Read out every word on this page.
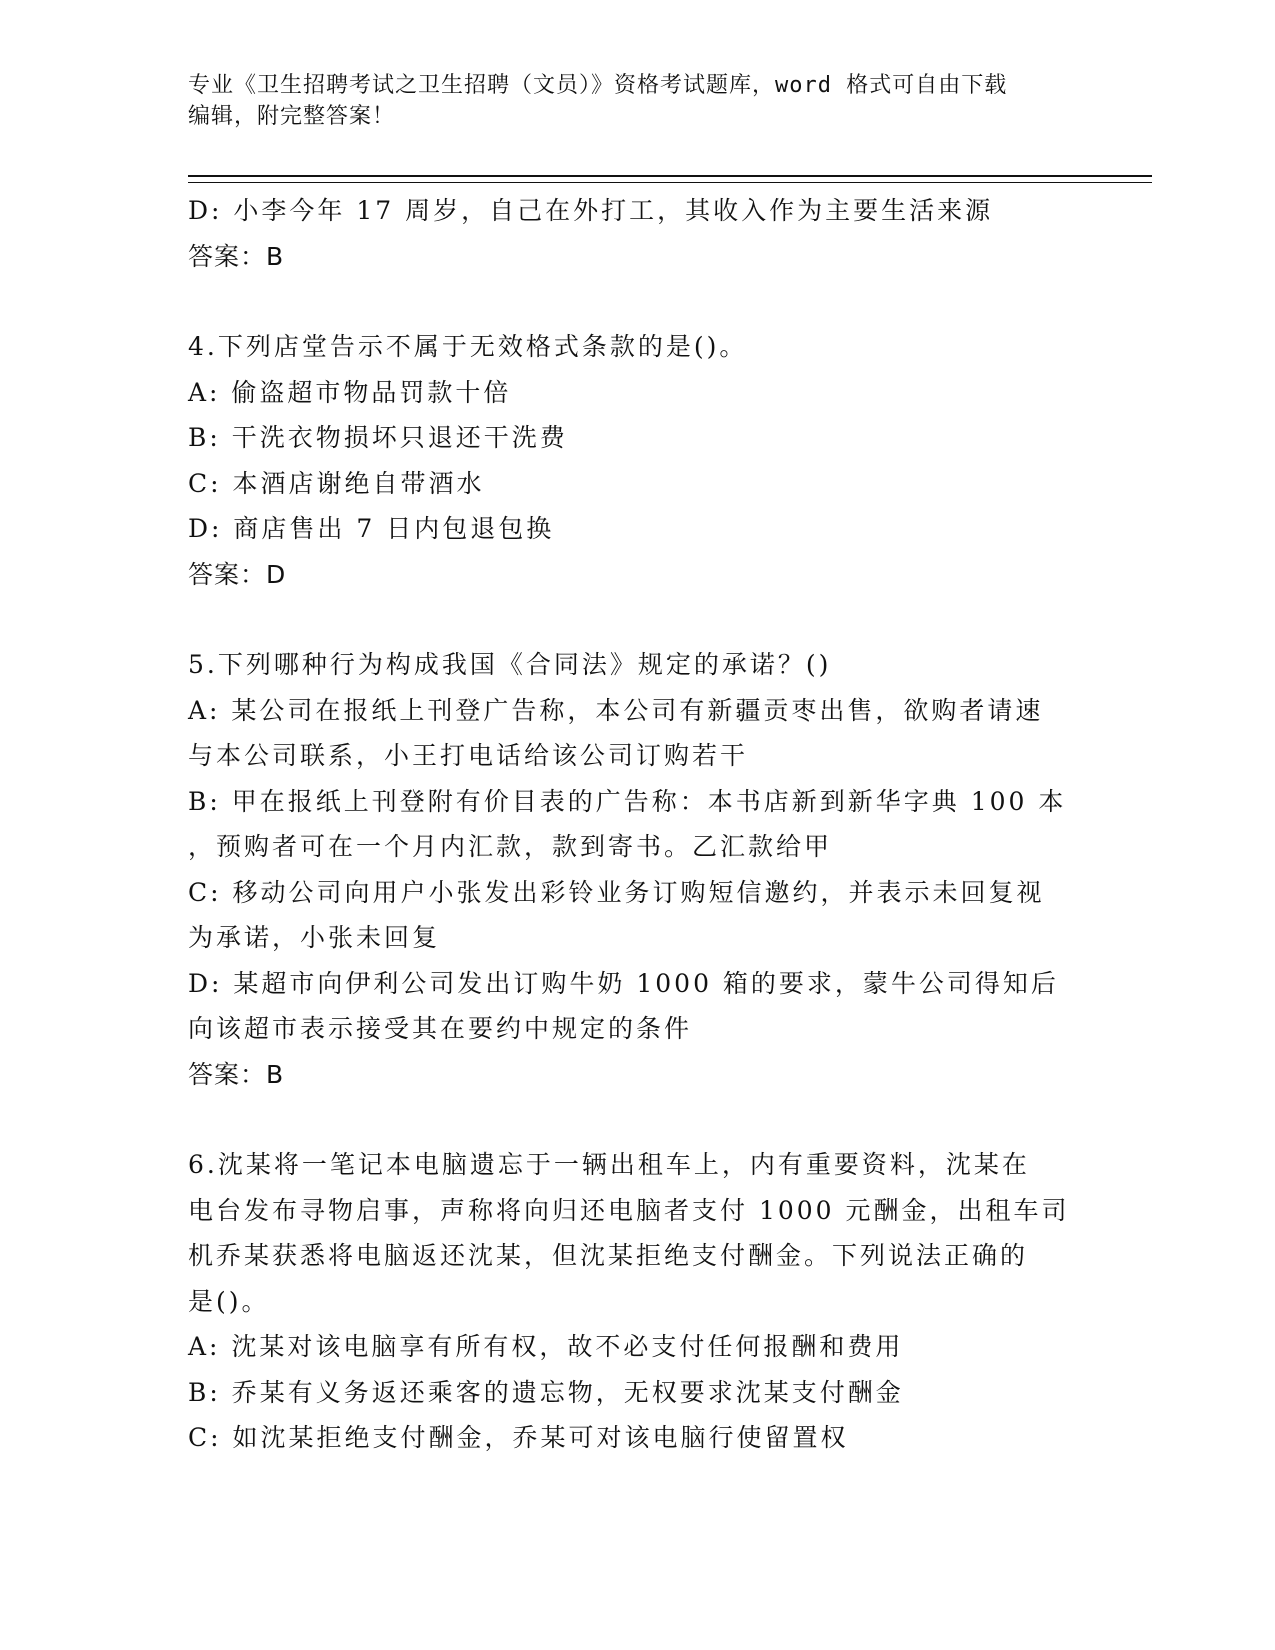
专业《卫生招聘考试之卫生招聘（文员）》资格考试题库，word 格式可自由下载
编辑，附完整答案！
D: 小李今年 17 周岁，自己在外打工，其收入作为主要生活来源
答案：B
4.下列店堂告示不属于无效格式条款的是()。
A: 偷盗超市物品罚款十倍
B: 干洗衣物损坏只退还干洗费
C: 本酒店谢绝自带酒水
D: 商店售出 7 日内包退包换
答案：D
5.下列哪种行为构成我国《合同法》规定的承诺？()
A: 某公司在报纸上刊登广告称，本公司有新疆贡枣出售，欲购者请速
与本公司联系，小王打电话给该公司订购若干
B: 甲在报纸上刊登附有价目表的广告称：本书店新到新华字典 100 本
，预购者可在一个月内汇款，款到寄书。乙汇款给甲
C: 移动公司向用户小张发出彩铃业务订购短信邀约，并表示未回复视
为承诺，小张未回复
D: 某超市向伊利公司发出订购牛奶 1000 箱的要求，蒙牛公司得知后
向该超市表示接受其在要约中规定的条件
答案：B
6.沈某将一笔记本电脑遗忘于一辆出租车上，内有重要资料，沈某在
电台发布寻物启事，声称将向归还电脑者支付 1000 元酬金，出租车司
机乔某获悉将电脑返还沈某，但沈某拒绝支付酬金。下列说法正确的
是()。
A: 沈某对该电脑享有所有权，故不必支付任何报酬和费用
B: 乔某有义务返还乘客的遗忘物，无权要求沈某支付酬金
C: 如沈某拒绝支付酬金，乔某可对该电脑行使留置权
